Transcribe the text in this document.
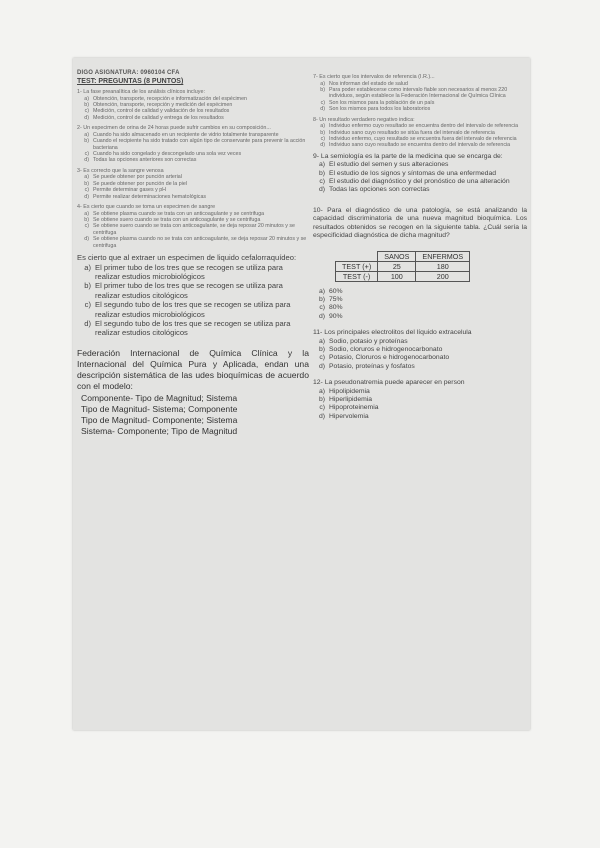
DIGO ASIGNATURA: 0960104 CFA
TEST: PREGUNTAS (8 PUNTOS)
1- La fase preanalítica de los análisis clínicos incluye:
a) Obtención, transporte, recepción e informatización del espécimen
b) Obtención, transporte, recepción y medición del espécimen
c) Medición, control de calidad y validación de los resultados
d) Medición, control de calidad y entrega de los resultados
2- Un especimen de orina de 24 horas puede sufrir cambios en su composición...
a) Cuando ha sido almacenado en un recipiente de vidrio totalmente transparente
b) Cuando el recipiente ha sido tratado con algún tipo de conservante para prevenir la acción bacteriana
c) Cuando ha sido congelado y descongelado una sola vez veces
d) Todas las opciones anteriores son correctas
3- Es correcto que la sangre venosa
a) Se puede obtener por punción arterial
b) Se puede obtener por punción de la piel
c) Permite determinar gases y pH
d) Permite realizar determinaciones hematológicas
4- Es cierto que cuando se toma un especimen de sangre
a) Se obtiene plasma cuando se trata con un anticoagulante y se centrifuga
b) Se obtiene suero cuando se trata con un anticoagulante y se centrifuga
c) Se obtiene suero cuando se trata con anticoagulante, se deja reposar 20 minutos y se centrifuga
d) Se obtiene plasma cuando no se trata con anticoagulante, se deja reposar 20 minutos y se centrifuga
Es cierto que al extraer un especimen de liquido cefalorraquídeo:
a) El primer tubo de los tres que se recogen se utiliza para realizar estudios microbiológicos
b) El primer tubo de los tres que se recogen se utiliza para realizar estudios citológicos
c) El segundo tubo de los tres que se recogen se utiliza para realizar estudios microbiológicos
d) El segundo tubo de los tres que se recogen se utiliza para realizar estudios citológicos
Federación Internacional de Química Clínica y la Internacional del Química Pura y Aplicada, endan una descripción sistemática de las udes bioquímicas de acuerdo con el modelo:
Componente- Tipo de Magnitud; Sistema
Tipo de Magnitud- Sistema; Componente
Tipo de Magnitud- Componente; Sistema
Sistema- Componente; Tipo de Magnitud
7- Es cierto que los intervalos de referencia (I.R.)...
a) Nos informan del estado de salud
b) Para poder establecerse como intervalo fiable son necesarios al menos 220 individuos, según establece la Federación Internacional de Química Clínica
c) Son los mismos para la población de un país
d) Son los mismos para todos los laboratorios
8- Un resultado verdadero negativo indica:
a) Individuo enfermo cuyo resultado se encuentra dentro del intervalo de referencia
b) Individuo sano cuyo resultado se sitúa fuera del intervalo de referencia
c) Individuo enfermo, cuyo resultado se encuentra fuera del intervalo de referencia
d) Individuo sano cuyo resultado se encuentra dentro del intervalo de referencia
9- La semiología es la parte de la medicina que se encarga de:
a) El estudio del semen y sus alteraciones
b) El estudio de los signos y síntomas de una enfermedad
c) El estudio del diagnóstico y del pronóstico de una alteración
d) Todas las opciones son correctas
10- Para el diagnóstico de una patología, se está analizando la capacidad discriminatoria de una nueva magnitud bioquímica. Los resultados obtenidos se recogen en la siguiente tabla. ¿Cuál sería la especificidad diagnóstica de dicha magnitud?
	SANOS	ENFERMOS
TEST (+)	25	180
TEST (-)	100	200
a) 60%
b) 75%
c) 80%
d) 90%
11- Los principales electrolitos del líquido extracelula
a) Sodio, potasio y proteínas
b) Sodio, cloruros e hidrogenocarbonato
c) Potasio, Cloruros e hidrogenocarbonato
d) Potasio, proteínas y fosfatos
12- La pseudonatremia puede aparecer en person
a) Hipolipidemia
b) Hiperlipidemia
c) Hipoproteinemia
d) Hipervolemia
